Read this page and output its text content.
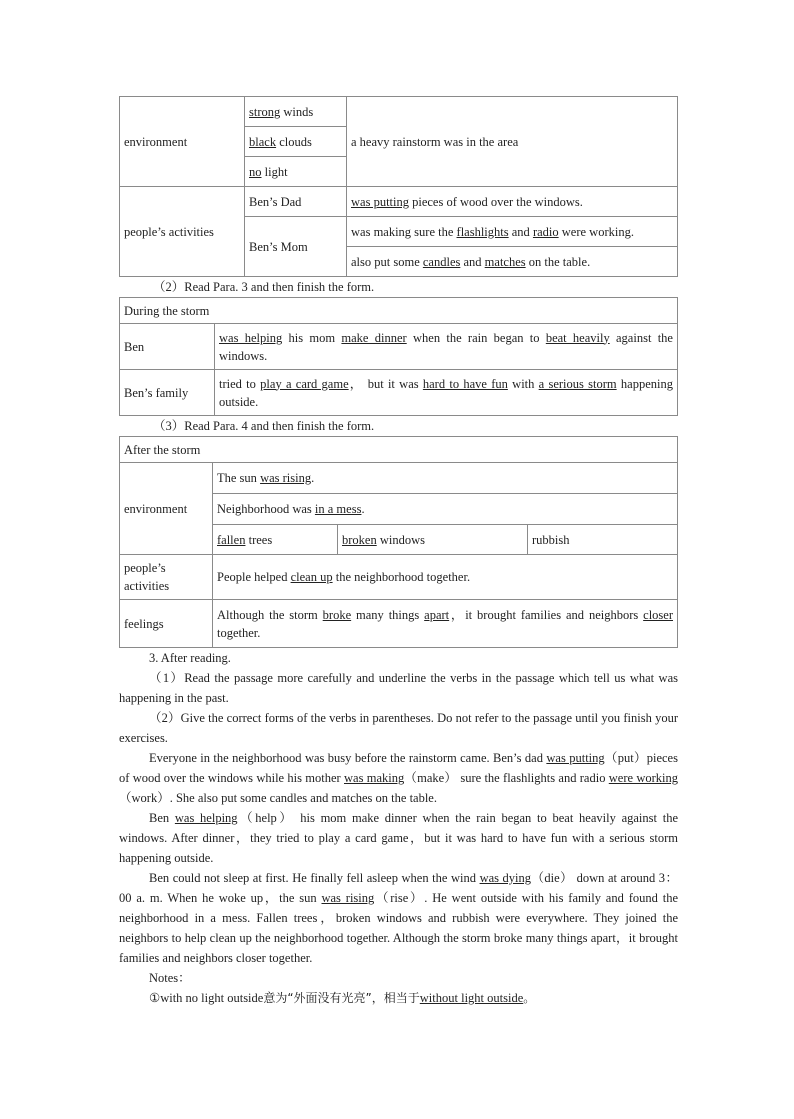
environment	strong winds	a heavy rainstorm was in the area
	black clouds	
	no light	
people’s activities	Ben’s Dad	was putting pieces of wood over the windows.
	Ben’s Mom	was making sure the flashlights and radio were working.
		also put some candles and matches on the table.
（2）Read Para. 3 and then finish the form.
During the storm	
Ben	was helping his mom make dinner when the rain began to beat heavily against the windows.
Ben’s family	tried to play a card game， but it was hard to have fun with a serious storm happening outside.
（3）Read Para. 4 and then finish the form.
After the storm			
environment	The sun was rising.		
	Neighborhood was in a mess.		
	fallen trees	broken windows	rubbish
people’s activities	People helped clean up the neighborhood together.		
feelings	Although the storm broke many things apart，it brought families and neighbors closer together.		
3. After reading.
（1）Read the passage more carefully and underline the verbs in the passage which tell us what was happening in the past.
（2）Give the correct forms of the verbs in parentheses. Do not refer to the passage until you finish your exercises.
Everyone in the neighborhood was busy before the rainstorm came. Ben’s dad was putting（put）pieces of wood over the windows while his mother was making（make） sure the flashlights and radio were working（work）. She also put some candles and matches on the table.
Ben was helping（help） his mom make dinner when the rain began to beat heavily against the windows. After dinner，they tried to play a card game，but it was hard to have fun with a serious storm happening outside.
Ben could not sleep at first. He finally fell asleep when the wind was dying（die） down at around 3：00 a. m. When he woke up，the sun was rising（rise）. He went outside with his family and found the neighborhood in a mess. Fallen trees，broken windows and rubbish were everywhere. They joined the neighbors to help clean up the neighborhood together. Although the storm broke many things apart，it brought families and neighbors closer together.
Notes：
①with no light outside意为“外面没有光亮”，相当于without light outside。
